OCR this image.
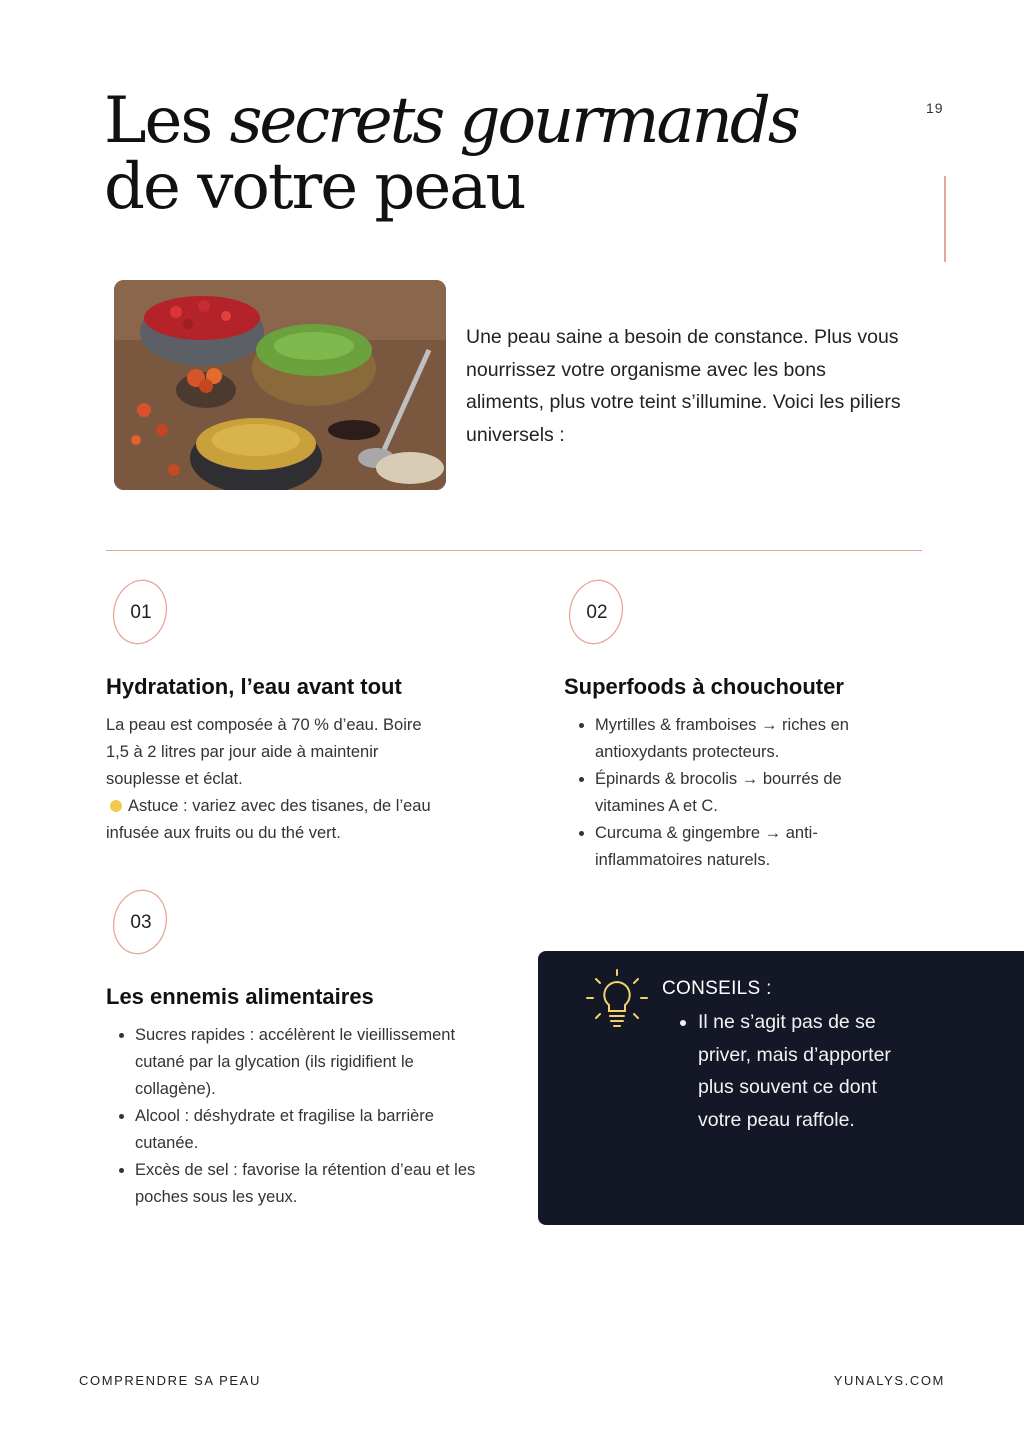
Les secrets gourmands
de votre peau
19
Une peau saine a besoin de constance. Plus vous nourrissez votre organisme avec les bons aliments, plus votre teint s’illumine. Voici les piliers universels :
01
Hydratation, l’eau avant tout
La peau est composée à 70 % d’eau. Boire
1,5 à 2 litres par jour aide à maintenir
souplesse et éclat.
Astuce : variez avec des tisanes, de l’eau
infusée aux fruits ou du thé vert.
02
Superfoods à chouchouter
• Myrtilles & framboises → riches en antioxydants protecteurs.
• Épinards & brocolis → bourrés de vitamines A et C.
• Curcuma & gingembre → anti-inflammatoires naturels.
03
Les ennemis alimentaires
• Sucres rapides : accélèrent le vieillissement cutané par la glycation (ils rigidifient le collagène).
• Alcool : déshydrate et fragilise la barrière cutanée.
• Excès de sel : favorise la rétention d’eau et les poches sous les yeux.
CONSEILS :
• Il ne s’agit pas de se priver, mais d’apporter plus souvent ce dont votre peau raffole.
COMPRENDRE SA PEAU	YUNALYS.COM
